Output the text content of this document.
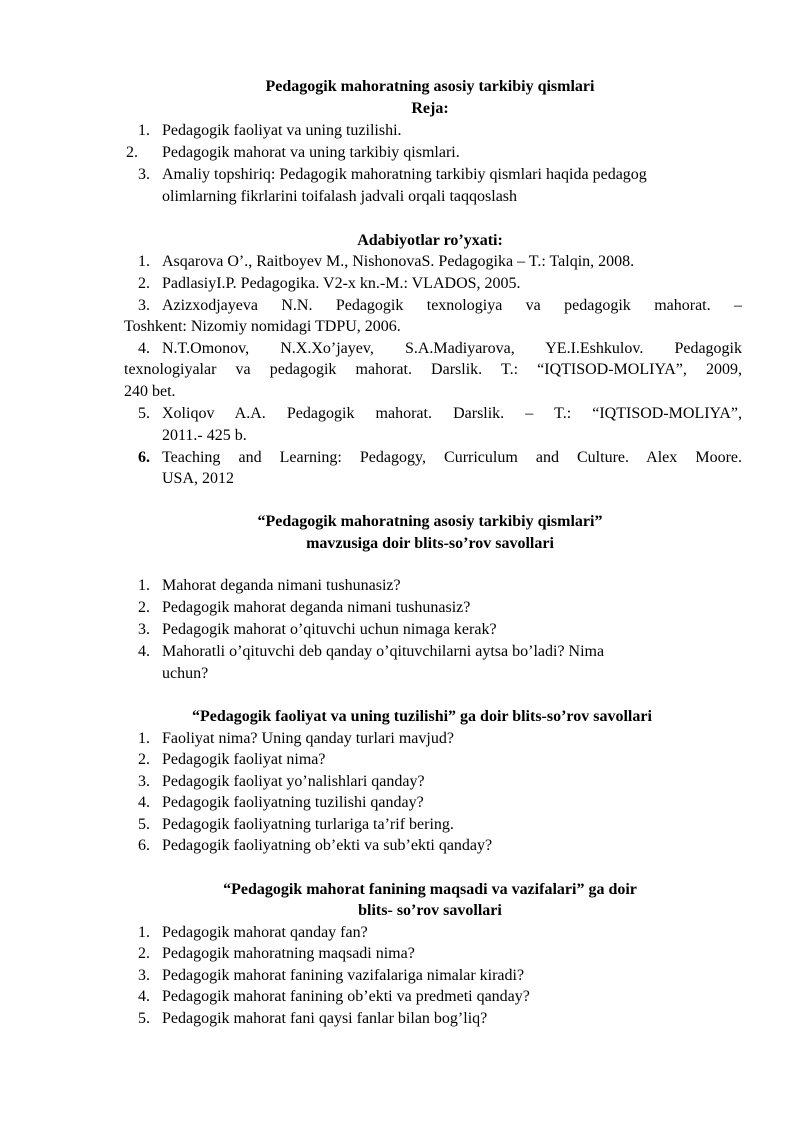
Pedagogik mahoratning asosiy tarkibiy qismlari

Reja:

1. Pedagogik faoliyat va uning tuzilishi.
2. Pedagogik mahorat va uning tarkibiy qismlari.
3. Amaliy topshiriq: Pedagogik mahoratning tarkibiy qismlari haqida pedagog
olimlarning fikrlarini toifalash jadvali orqali taqqoslash

Adabiyotlar ro’yxati:

1. Asqarova O’., Raitboyev M., NishonovaS. Pedagogika – T.: Talqin, 2008.
2. PadlasiyI.P. Pedagogika. V2-x kn.-M.: VLADOS, 2005.
3. Azizxodjayeva N.N. Pedagogik texnologiya va pedagogik mahorat. –
Toshkent: Nizomiy nomidagi TDPU, 2006.
4. N.T.Omonov, N.X.Xo’jayev, S.A.Madiyarova, YE.I.Eshkulov. Pedagogik
texnologiyalar va pedagogik mahorat. Darslik. T.: “IQTISOD-MOLIYA”, 2009,
240 bet.
5. Xoliqov A.A. Pedagogik mahorat. Darslik. – T.: “IQTISOD-MOLIYA”,
2011.- 425 b.
6. Teaching and Learning: Pedagogy, Curriculum and Culture. Alex Moore.
USA, 2012

“Pedagogik mahoratning asosiy tarkibiy qismlari”

mavzusiga doir blits-so’rov savollari

1. Mahorat deganda nimani tushunasiz?
2. Pedagogik mahorat deganda nimani tushunasiz?
3. Pedagogik mahorat o’qituvchi uchun nimaga kerak?
4. Mahoratli o’qituvchi deb qanday o’qituvchilarni aytsa bo’ladi? Nima
uchun?

“Pedagogik faoliyat va uning tuzilishi” ga doir blits-so’rov savollari

1. Faoliyat nima? Uning qanday turlari mavjud?
2. Pedagogik faoliyat nima?
3. Pedagogik faoliyat yo’nalishlari qanday?
4. Pedagogik faoliyatning tuzilishi qanday?
5. Pedagogik faoliyatning turlariga ta’rif bering.
6. Pedagogik faoliyatning ob’ekti va sub’ekti qanday?

“Pedagogik mahorat fanining maqsadi va vazifalari” ga doir

blits- so’rov savollari

1. Pedagogik mahorat qanday fan?
2. Pedagogik mahoratning maqsadi nima?
3. Pedagogik mahorat fanining vazifalariga nimalar kiradi?
4. Pedagogik mahorat fanining ob’ekti va predmeti qanday?
5. Pedagogik mahorat fani qaysi fanlar bilan bog’liq?
